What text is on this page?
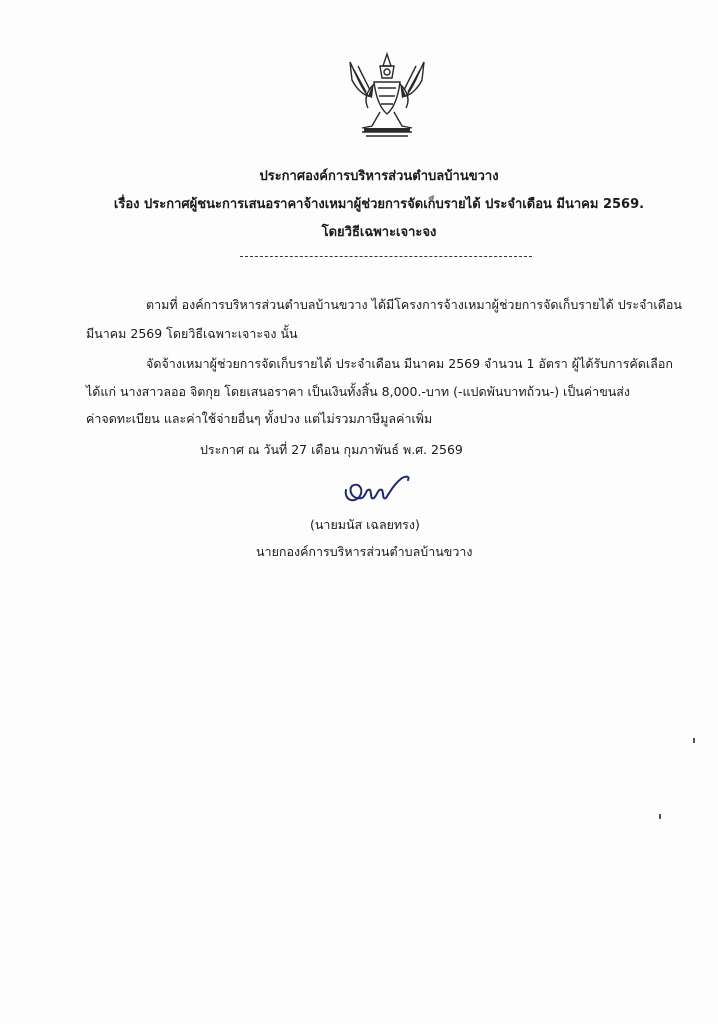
ประกาศองค์การบริหารส่วนตำบลบ้านขวาง
เรื่อง ประกาศผู้ชนะการเสนอราคาจ้างเหมาผู้ช่วยการจัดเก็บรายได้ ประจำเดือน มีนาคม 2569.
โดยวิธีเฉพาะเจาะจง
ตามที่ องค์การบริหารส่วนตำบลบ้านขวาง ได้มีโครงการจ้างเหมาผู้ช่วยการจัดเก็บรายได้ ประจำเดือน
มีนาคม 2569 โดยวิธีเฉพาะเจาะจง นั้น
จัดจ้างเหมาผู้ช่วยการจัดเก็บรายได้ ประจำเดือน มีนาคม 2569 จำนวน 1 อัตรา ผู้ได้รับการคัดเลือก
ได้แก่ นางสาวลออ จิตกุย โดยเสนอราคา เป็นเงินทั้งสิ้น 8,000.-บาท (-แปดพันบาทถ้วน-) เป็นค่าขนส่ง
ค่าจดทะเบียน และค่าใช้จ่ายอื่นๆ ทั้งปวง แต่ไม่รวมภาษีมูลค่าเพิ่ม
ประกาศ ณ วันที่ 27 เดือน กุมภาพันธ์ พ.ศ. 2569
(นายมนัส เฉลยทรง)
นายกองค์การบริหารส่วนตำบลบ้านขวาง
